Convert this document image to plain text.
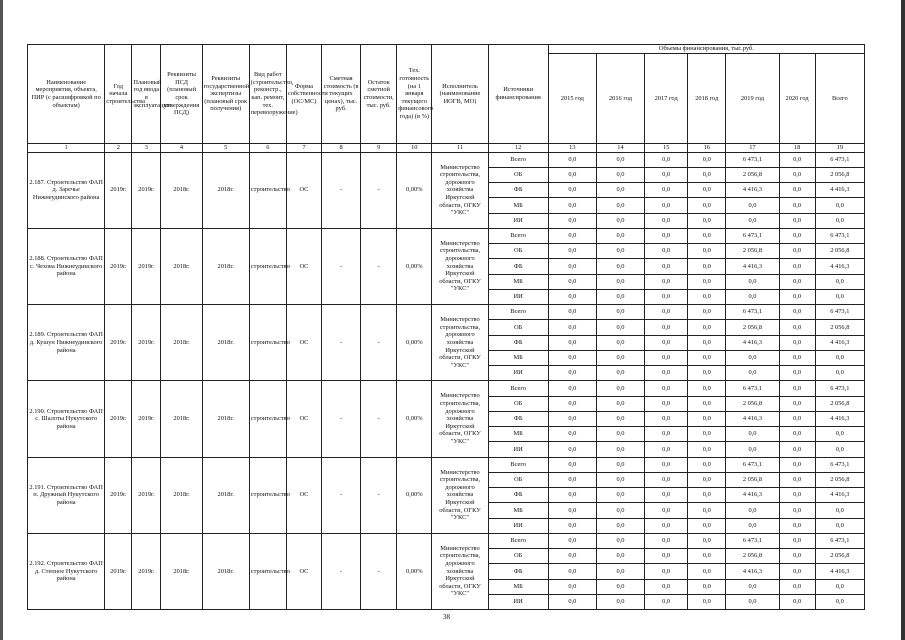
Наименование мероприятия, объекта, ПИР (с расшифровкой по объектам)	Год начала строительства	Плановый год ввода в эксплуатацию	Реквизиты ПСД (плановый срок утверждения ПСД)	Реквизиты государственной экспертизы (плановый срок получения)	Вид работ (строительство, реконстр., кап. ремонт, тех. перевооружение)	Форма собственности (ОС/МС)	Сметная стоимость (в текущих ценах), тыс. руб.	Остаток сметной стоимости, тыс. руб.	Тех. готовность (на 1 января текущего финансового года) (в %)	Исполнитель (наименование ИОГВ, МО)	Источники финансирования	Объемы финансирования, тыс.руб.						
												2015 год	2016 год	2017 год	2018 год	2019 год	2020 год	Всего
1	2	3	4	5	6	7	8	9	10	11	12	13	14	15	16	17	18	19
2.187. Строительство ФАП д. Заречье Нижнеудинского района	2019г.	2019г.	2018г.	2018г.	строительство	ОС	-	-	0,00%	Министерство строительства, дорожного хозяйства Иркутской области, ОГКУ "УКС"	Всего	0,0	0,0	0,0	0,0	6 473,1	0,0	6 473,1
											ОБ	0,0	0,0	0,0	0,0	2 056,8	0,0	2 056,8
											ФБ	0,0	0,0	0,0	0,0	4 416,3	0,0	4 416,3
											МБ	0,0	0,0	0,0	0,0	0,0	0,0	0,0
											ИИ	0,0	0,0	0,0	0,0	0,0	0,0	0,0
2.188. Строительство ФАП с. Чехова Нижнеудинского района	2019г.	2019г.	2018г.	2018г.	строительство	ОС	-	-	0,00%	Министерство строительства, дорожного хозяйства Иркутской области, ОГКУ "УКС"	Всего	0,0	0,0	0,0	0,0	6 473,1	0,0	6 473,1
											ОБ	0,0	0,0	0,0	0,0	2 056,8	0,0	2 056,8
											ФБ	0,0	0,0	0,0	0,0	4 416,3	0,0	4 416,3
											МБ	0,0	0,0	0,0	0,0	0,0	0,0	0,0
											ИИ	0,0	0,0	0,0	0,0	0,0	0,0	0,0
2.189. Строительство ФАП д. Кушун Нижнеудинского района	2019г.	2019г.	2018г.	2018г.	строительство	ОС	-	-	0,00%	Министерство строительства, дорожного хозяйства Иркутской области, ОГКУ "УКС"	Всего	0,0	0,0	0,0	0,0	6 473,1	0,0	6 473,1
											ОБ	0,0	0,0	0,0	0,0	2 056,8	0,0	2 056,8
											ФБ	0,0	0,0	0,0	0,0	4 416,3	0,0	4 416,3
											МБ	0,0	0,0	0,0	0,0	0,0	0,0	0,0
											ИИ	0,0	0,0	0,0	0,0	0,0	0,0	0,0
2.190. Строительство ФАП с. Шалоты Нукутского района	2019г.	2019г.	2018г.	2018г.	строительство	ОС	-	-	0,00%	Министерство строительства, дорожного хозяйства Иркутской области, ОГКУ "УКС"	Всего	0,0	0,0	0,0	0,0	6 473,1	0,0	6 473,1
											ОБ	0,0	0,0	0,0	0,0	2 056,8	0,0	2 056,8
											ФБ	0,0	0,0	0,0	0,0	4 416,3	0,0	4 416,3
											МБ	0,0	0,0	0,0	0,0	0,0	0,0	0,0
											ИИ	0,0	0,0	0,0	0,0	0,0	0,0	0,0
2.191. Строительство ФАП п. Дружный Нукутского района	2019г.	2019г.	2018г.	2018г.	строительство	ОС	-	-	0,00%	Министерство строительства, дорожного хозяйства Иркутской области, ОГКУ "УКС"	Всего	0,0	0,0	0,0	0,0	6 473,1	0,0	6 473,1
											ОБ	0,0	0,0	0,0	0,0	2 056,8	0,0	2 056,8
											ФБ	0,0	0,0	0,0	0,0	4 416,3	0,0	4 416,3
											МБ	0,0	0,0	0,0	0,0	0,0	0,0	0,0
											ИИ	0,0	0,0	0,0	0,0	0,0	0,0	0,0
2.192. Строительство ФАП д. Степное Нукутского района	2019г.	2019г.	2018г.	2018г.	строительство	ОС	-	-	0,00%	Министерство строительства, дорожного хозяйства Иркутской области, ОГКУ "УКС"	Всего	0,0	0,0	0,0	0,0	6 473,1	0,0	6 473,1
											ОБ	0,0	0,0	0,0	0,0	2 056,8	0,0	2 056,8
											ФБ	0,0	0,0	0,0	0,0	4 416,3	0,0	4 416,3
											МБ	0,0	0,0	0,0	0,0	0,0	0,0	0,0
											ИИ	0,0	0,0	0,0	0,0	0,0	0,0	0,0
38
